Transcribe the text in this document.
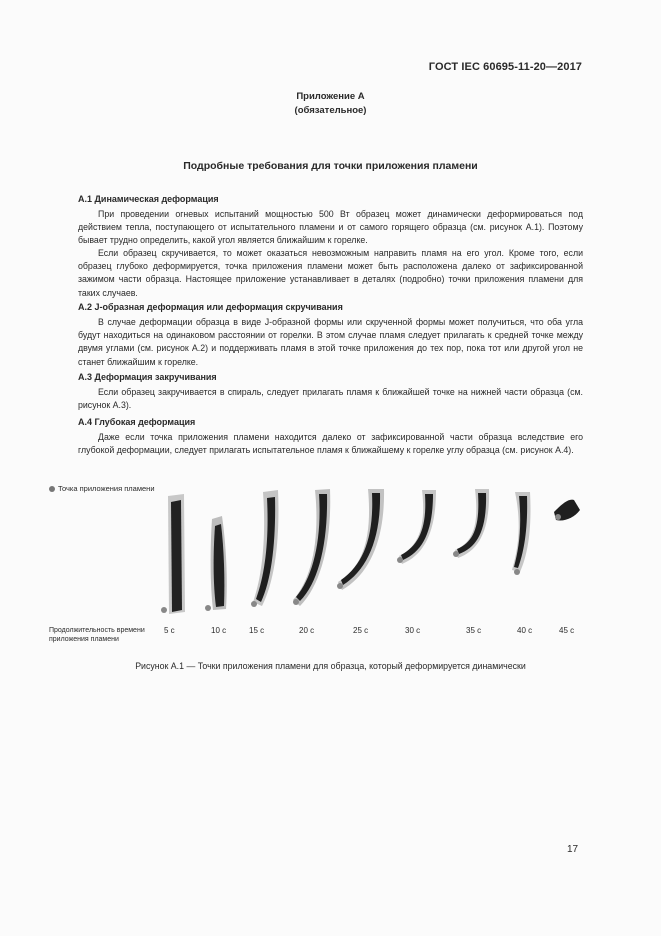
ГОСТ IEC 60695-11-20—2017
Приложение А
(обязательное)
Подробные требования для точки приложения пламени
А.1 Динамическая деформация

При проведении огневых испытаний мощностью 500 Вт образец может динамически деформироваться под действием тепла, поступающего от испытательного пламени и от самого горящего образца (см. рисунок А.1). Поэтому бывает трудно определить, какой угол является ближайшим к горелке.

Если образец скручивается, то может оказаться невозможным направить пламя на его угол. Кроме того, если образец глубоко деформируется, точка приложения пламени может быть расположена далеко от зафиксированной зажимом части образца. Настоящее приложение устанавливает в деталях (подробно) точки приложения пламени для таких случаев.

А.2 J-образная деформация или деформация скручивания

В случае деформации образца в виде J-образной формы или скрученной формы может получиться, что оба угла будут находиться на одинаковом расстоянии от горелки. В этом случае пламя следует прилагать к средней точке между двумя углами (см. рисунок А.2) и поддерживать пламя в этой точке приложения до тех пор, пока тот или другой угол не станет ближайшим к горелке.

А.3 Деформация закручивания

Если образец закручивается в спираль, следует прилагать пламя к ближайшей точке на нижней части образца (см. рисунок А.3).

А.4 Глубокая деформация

Даже если точка приложения пламени находится далеко от зафиксированной части образца вследствие его глубокой деформации, следует прилагать испытательное пламя к ближайшему к горелке углу образца (см. рисунок А.4).

Точка приложения пламени
Продолжительность времени приложения пламени
5 с	10 с	15 с	20 с	25 с	30 с	35 с	40 с	45 с
Рисунок А.1 — Точки приложения пламени для образца, который деформируется динамически
17
